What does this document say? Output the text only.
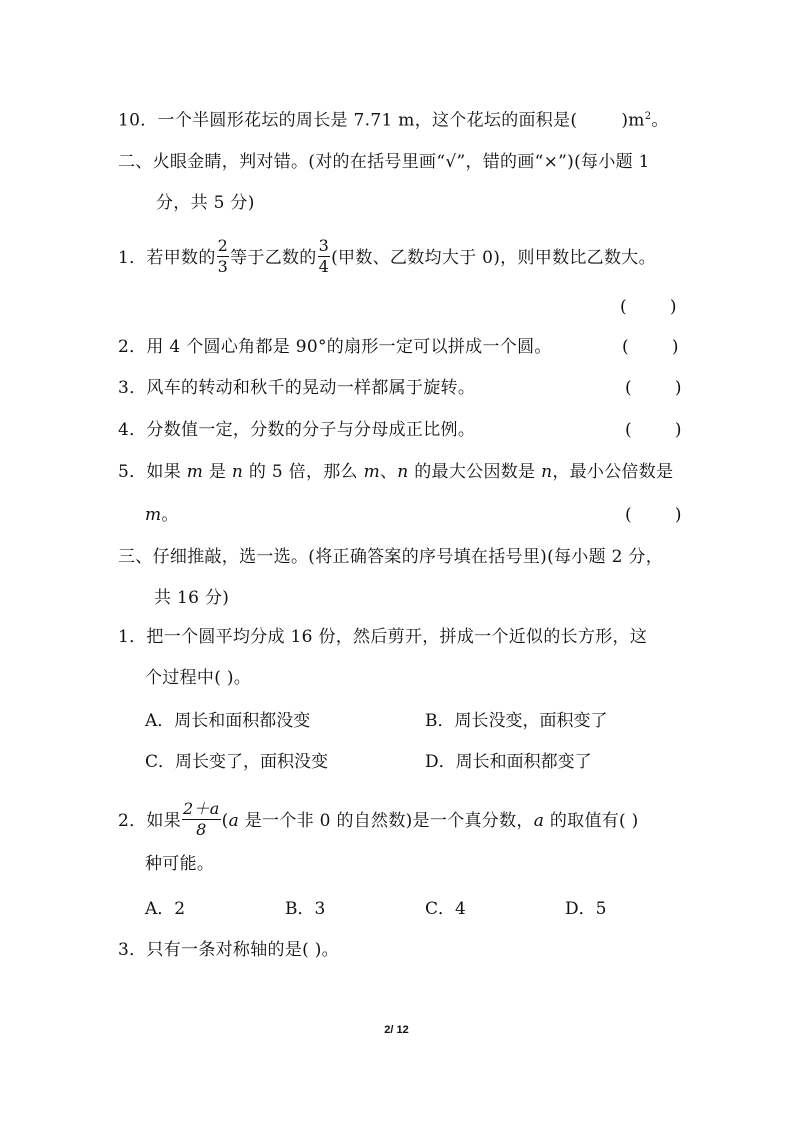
10．一个半圆形花坛的周长是 7.71 m，这个花坛的面积是(	)$m^2$。
二、火眼金睛，判对错。(对的在括号里画“√”，错的画“×”)(每小题 1
分，共 5 分)
1．若甲数的 $\frac{2}{3}$ 等于乙数的 $\frac{3}{4}$ (甲数、乙数均大于 0)，则甲数比乙数大。
(        )
2．用 4 个圆心角都是 90°的扇形一定可以拼成一个圆。	(        )
3．风车的转动和秋千的晃动一样都属于旋转。	(        )
4．分数值一定，分数的分子与分母成正比例。	(        )
5．如果 m 是 n 的 5 倍，那么 m、n 的最大公因数是 n，最小公倍数是
m。	(        )
三、仔细推敲，选一选。(将正确答案的序号填在括号里)(每小题 2 分，
共 16 分)
1．把一个圆平均分成 16 份，然后剪开，拼成一个近似的长方形，这
个过程中( )。
A．周长和面积都没变	B．周长没变，面积变了
C．周长变了，面积没变	D．周长和面积都变了
2．如果 $\frac{2+a}{8} (a$ 是一个非 0 的自然数)是一个真分数，a 的取值有( )
种可能。
A．2	B．3	C．4	D．5
3．只有一条对称轴的是( )。
2/ 12
